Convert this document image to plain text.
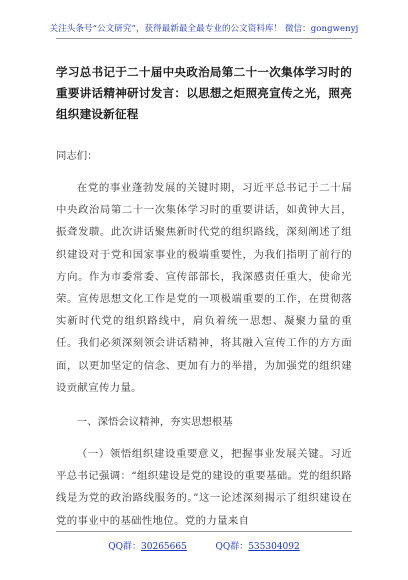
关注头条号“公文研究”，获得最新最全最专业的公文资料库！ 微信：gongwenyj
学习总书记于二十届中央政治局第二十一次集体学习时的重要讲话精神研讨发言：以思想之炬照亮宣传之光，照亮组织建设新征程
同志们：
在党的事业蓬勃发展的关键时期，习近平总书记于二十届中央政治局第二十一次集体学习时的重要讲话，如黄钟大吕，振聋发聩。此次讲话聚焦新时代党的组织路线，深刻阐述了组织建设对于党和国家事业的极端重要性，为我们指明了前行的方向。作为市委常委、宣传部部长，我深感责任重大，使命光荣。宣传思想文化工作是党的一项极端重要的工作，在贯彻落实新时代党的组织路线中，肩负着统一思想、凝聚力量的重任。我们必须深刻领会讲话精神，将其融入宣传工作的方方面面，以更加坚定的信念、更加有力的举措，为加强党的组织建设贡献宣传力量。
一、深悟会议精神，夯实思想根基
（一）领悟组织建设重要意义，把握事业发展关键。习近平总书记强调：“组织建设是党的建设的重要基础。党的组织路线是为党的政治路线服务的。”这一论述深刻揭示了组织建设在党的事业中的基础性地位。党的力量来自
QQ群：30265665	QQ群：535304092
